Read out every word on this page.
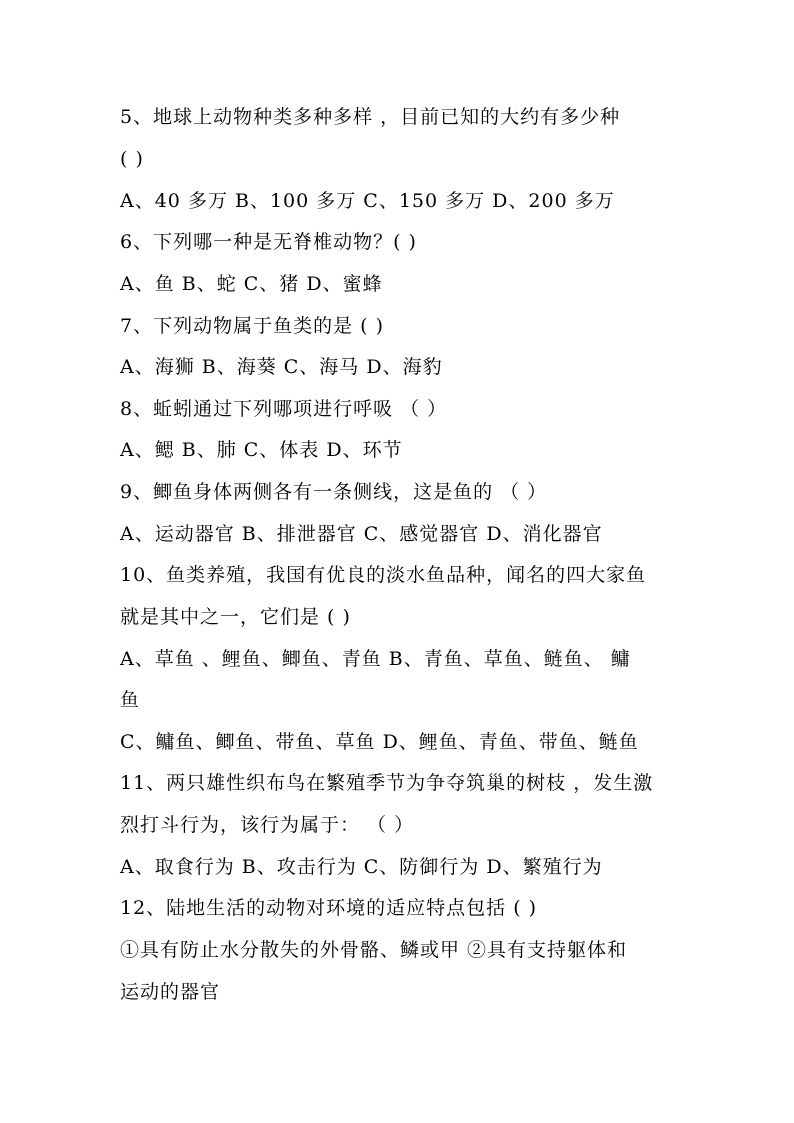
5、地球上动物种类多种多样 ，目前已知的大约有多少种
( )
A、40 多万 B、100 多万 C、150 多万 D、200 多万
6、下列哪一种是无脊椎动物？( )
A、鱼 B、蛇 C、猪 D、蜜蜂
7、下列动物属于鱼类的是 ( )
A、海狮 B、海葵 C、海马 D、海豹
8、蚯蚓通过下列哪项进行呼吸 （ ）
A、鳃 B、肺 C、体表 D、环节
9、鲫鱼身体两侧各有一条侧线，这是鱼的 （ ）
A、运动器官 B、排泄器官 C、感觉器官 D、消化器官
10、鱼类养殖，我国有优良的淡水鱼品种，闻名的四大家鱼
就是其中之一，它们是 ( )
A、草鱼 、鲤鱼、鲫鱼、青鱼 B、青鱼、草鱼、鲢鱼、 鳙
鱼
C、鳙鱼、鲫鱼、带鱼、草鱼 D、鲤鱼、青鱼、带鱼、鲢鱼
11、两只雄性织布鸟在繁殖季节为争夺筑巢的树枝 ，发生激
烈打斗行为，该行为属于： （ ）
A、取食行为 B、攻击行为 C、防御行为 D、繁殖行为
12、陆地生活的动物对环境的适应特点包括 ( )
①具有防止水分散失的外骨骼、鳞或甲 ②具有支持躯体和
运动的器官
